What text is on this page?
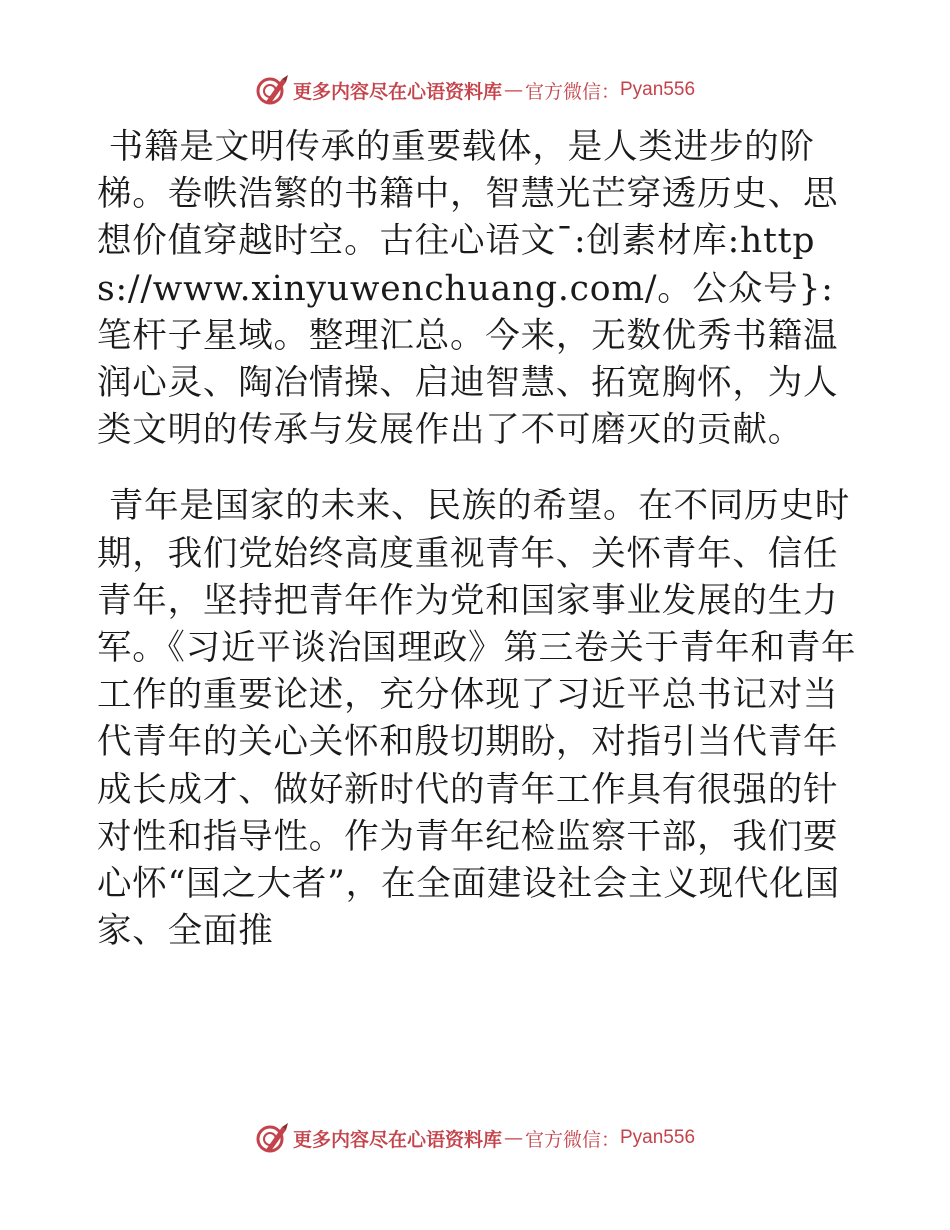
更多内容尽在心语资料库 — 官方微信： Pyan556

书籍是文明传承的重要载体，是人类进步的阶梯。卷帙浩繁的书籍中，智慧光芒穿透历史、思想价值穿越时空。古往心语文¯:创素材库:https://www.xinyuwenchuang.com/。公众号}: 笔杆子星域。整理汇总。今来，无数优秀书籍温润心灵、陶冶情操、启迪智慧、拓宽胸怀，为人类文明的传承与发展作出了不可磨灭的贡献。

青年是国家的未来、民族的希望。在不同历史时期，我们党始终高度重视青年、关怀青年、信任青年，坚持把青年作为党和国家事业发展的生力军。《习近平谈治国理政》第三卷关于青年和青年工作的重要论述，充分体现了习近平总书记对当代青年的关心关怀和殷切期盼，对指引当代青年成长成才、做好新时代的青年工作具有很强的针对性和指导性。作为青年纪检监察干部，我们要心怀“国之大者”，在全面建设社会主义现代化国家、全面推

更多内容尽在心语资料库 — 官方微信： Pyan556
